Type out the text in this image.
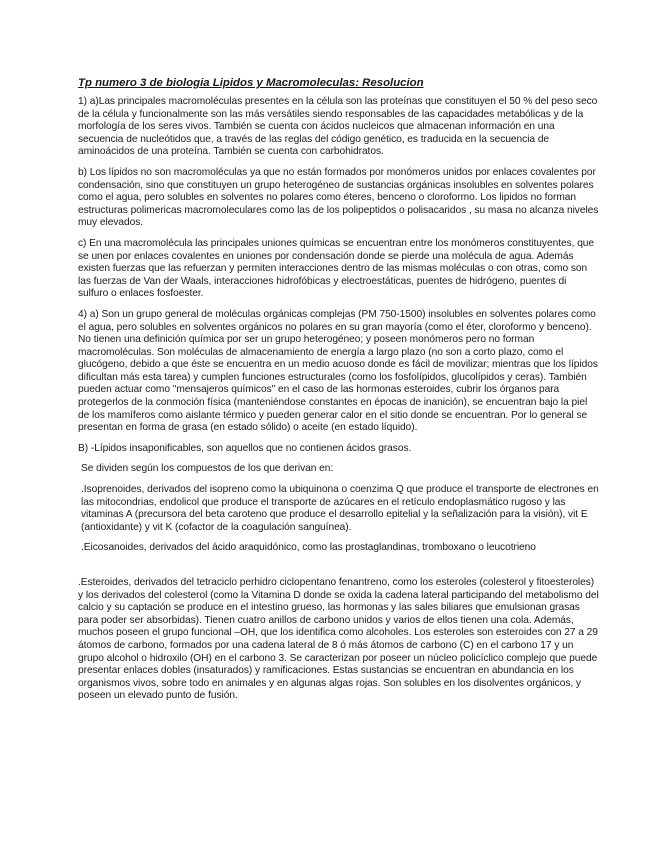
Tp numero 3 de biologia Lipidos y Macromoleculas: Resolucion

1) a)Las principales macromoléculas presentes en la célula son las proteínas que constituyen el 50 % del peso seco de la célula y funcionalmente son las más versátiles siendo responsables de las capacidades metabólicas y de la morfología de los seres vivos. También se cuenta con ácidos nucleicos que almacenan información en una secuencia de nucleótidos que, a través de las reglas del código genético, es traducida en la secuencia de aminoácidos de una proteína. También se cuenta con carbohidratos.

b) Los lípidos no son macromoléculas ya que no están formados por monómeros unidos por enlaces covalentes por condensación, sino que constituyen un grupo heterogéneo de sustancias orgánicas insolubles en solventes polares como el agua, pero solubles en solventes no polares como éteres, benceno o cloroformo. Los lipidos no forman estructuras polimericas macromoleculares como las de los polipeptidos o polisacaridos , su masa no alcanza niveles muy elevados.

c) En una macromolécula las principales uniones químicas se encuentran entre los monómeros constituyentes, que se unen por enlaces covalentes en uniones por condensación donde se pierde una molécula de agua. Además existen fuerzas que las refuerzan y permiten interacciones dentro de las mismas moléculas o con otras, como son las fuerzas de Van der Waals, interacciones hidrofóbicas y electroestáticas, puentes de hidrógeno, puentes di sulfuro o enlaces fosfoester.

4) a) Son un grupo general de moléculas orgánicas complejas (PM 750-1500) insolubles en solventes polares como el agua, pero solubles en solventes orgánicos no polares en su gran mayoría (como el éter, cloroformo y benceno). No tienen una definición química por ser un grupo heterogéneo; y poseen monómeros pero no forman macromoléculas. Son moléculas de almacenamiento de energía a largo plazo (no son a corto plazo, como el glucógeno, debido a que éste se encuentra en un medio acuoso donde es fácil de movilizar; mientras que los lípidos dificultan más esta tarea) y cumplen funciones estructurales (como los fosfolípidos, glucolípidos y ceras). También pueden actuar como "mensajeros químicos" en el caso de las hormonas esteroides, cubrir los órganos para protegerlos de la conmoción física (manteniéndose constantes en épocas de inanición), se encuentran bajo la piel de los mamíferos como aislante térmico y pueden generar calor en el sitio donde se encuentran. Por lo general se presentan en forma de grasa (en estado sólido) o aceite (en estado líquido).

B) -Lípidos insaponificables, son aquellos que no contienen ácidos grasos.

Se dividen según los compuestos de los que derivan en:

.Isoprenoides, derivados del isopreno como la ubiquinona o coenzima Q que produce el transporte de electrones en las mitocondrias, endolicol que produce el transporte de azúcares en el retículo endoplasmático rugoso y las vitaminas A (precursora del beta caroteno que produce el desarrollo epitelial y la señalización para la visión), vit E (antioxidante) y vit K (cofactor de la coagulación sanguínea).

.Eicosanoides, derivados del ácido araquidónico, como las prostaglandinas, tromboxano o leucotrieno

.Esteroides, derivados del tetraciclo perhidro ciclopentano fenantreno, como los esteroles (colesterol y fitoesteroles) y los derivados del colesterol (como la Vitamina D donde se oxida la cadena lateral participando del metabolismo del calcio y su captación se produce en el intestino grueso, las hormonas y las sales biliares que emulsionan grasas para poder ser absorbidas). Tienen cuatro anillos de carbono unidos y varios de ellos tienen una cola. Además, muchos poseen el grupo funcional –OH, que los identifica como alcoholes. Los esteroles son esteroides con 27 a 29 átomos de carbono, formados por una cadena lateral de 8 ó más átomos de carbono (C) en el carbono 17 y un grupo alcohol o hidroxilo (OH) en el carbono 3. Se caracterizan por poseer un núcleo policíclico complejo que puede presentar enlaces dobles (insaturados) y ramificaciones. Estas sustancias se encuentran en abundancia en los organismos vivos, sobre todo en animales y en algunas algas rojas. Son solubles en los disolventes orgánicos, y poseen un elevado punto de fusión.
